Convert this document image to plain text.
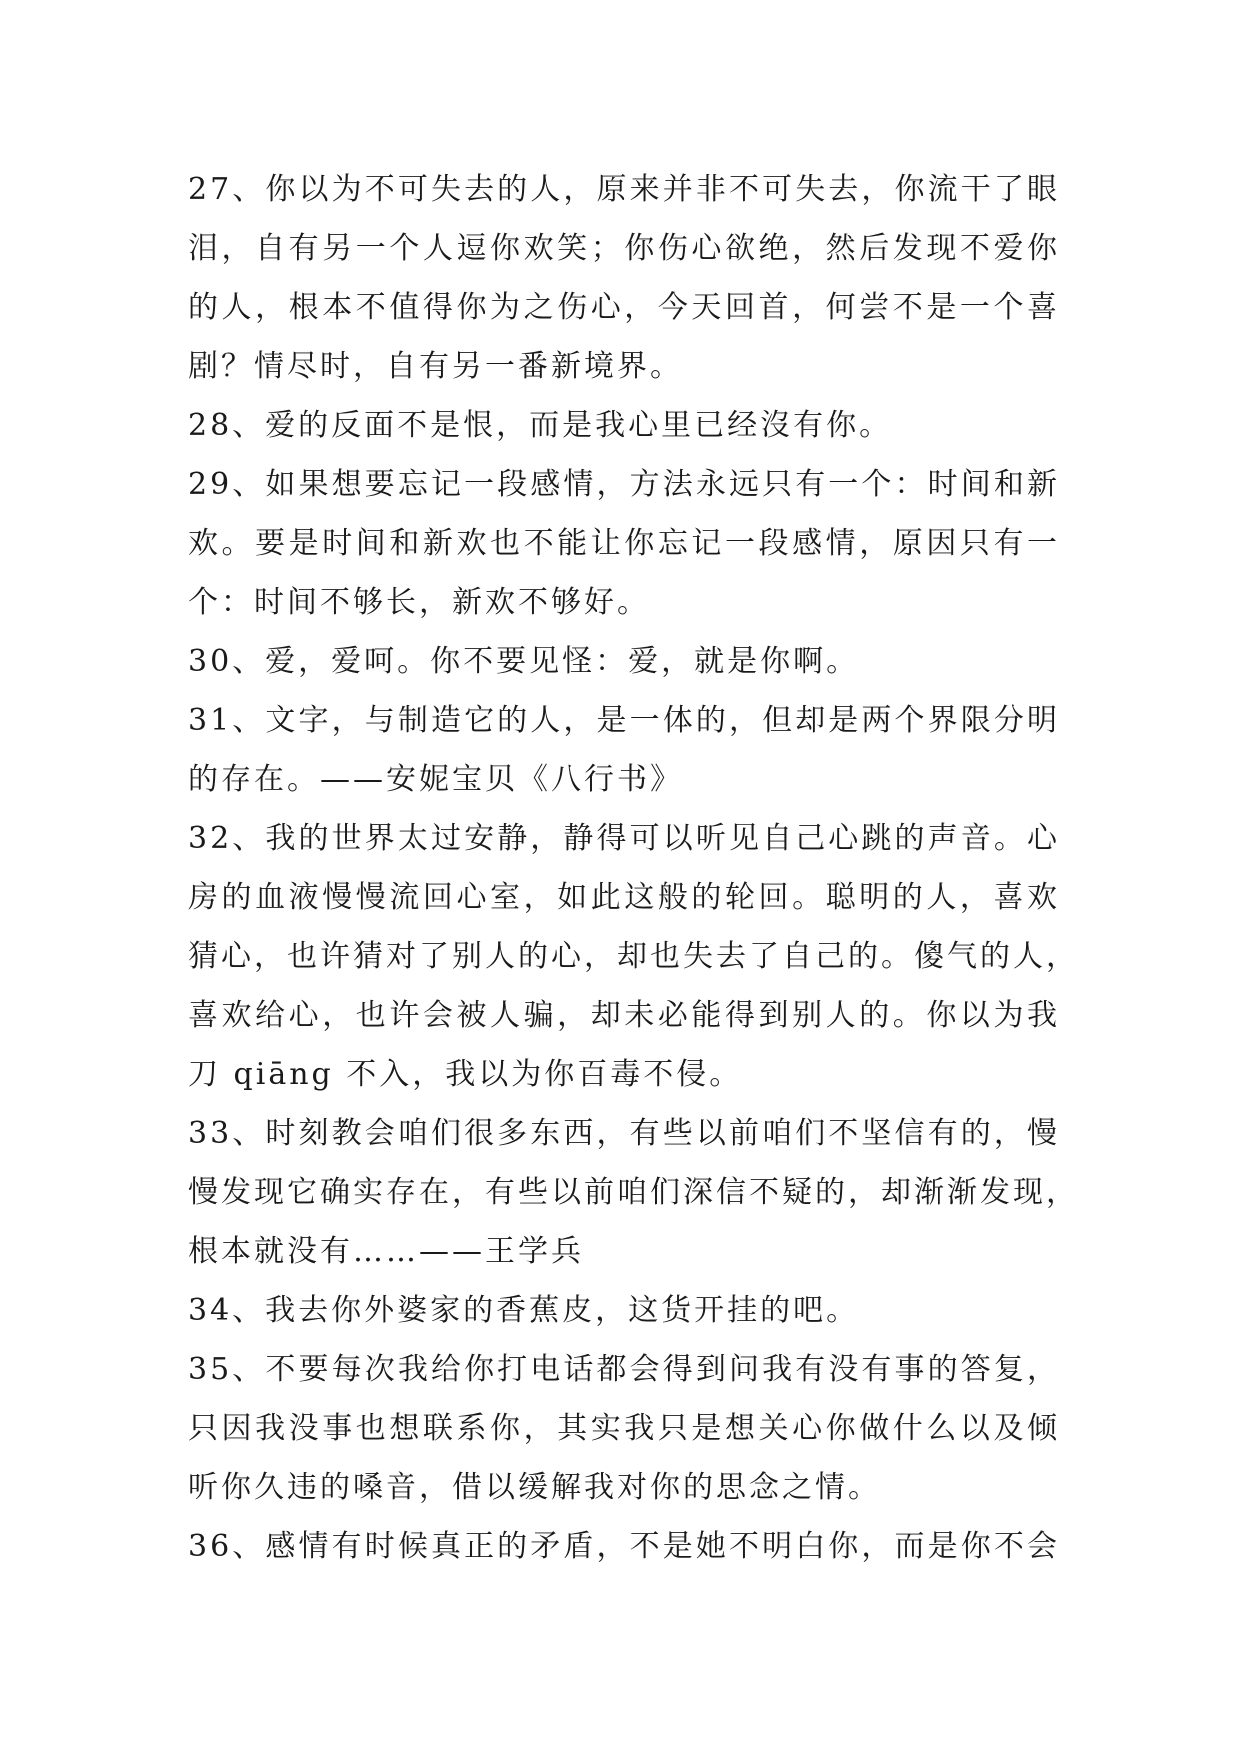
27、你以为不可失去的人，原来并非不可失去，你流干了眼
泪，自有另一个人逗你欢笑；你伤心欲绝，然后发现不爱你
的人，根本不值得你为之伤心，今天回首，何尝不是一个喜
剧？情尽时，自有另一番新境界。
28、爱的反面不是恨，而是我心里已经沒有你。
29、如果想要忘记一段感情，方法永远只有一个：时间和新
欢。要是时间和新欢也不能让你忘记一段感情，原因只有一
个：时间不够长，新欢不够好。
30、爱，爱呵。你不要见怪：爱，就是你啊。
31、文字，与制造它的人，是一体的，但却是两个界限分明
的存在。——安妮宝贝《八行书》
32、我的世界太过安静，静得可以听见自己心跳的声音。心
房的血液慢慢流回心室，如此这般的轮回。聪明的人，喜欢
猜心，也许猜对了别人的心，却也失去了自己的。傻气的人，
喜欢给心，也许会被人骗，却未必能得到别人的。你以为我
刀 qiāng 不入，我以为你百毒不侵。
33、时刻教会咱们很多东西，有些以前咱们不坚信有的，慢
慢发现它确实存在，有些以前咱们深信不疑的，却渐渐发现，
根本就没有……——王学兵
34、我去你外婆家的香蕉皮，这货开挂的吧。
35、不要每次我给你打电话都会得到问我有没有事的答复，
只因我没事也想联系你，其实我只是想关心你做什么以及倾
听你久违的嗓音，借以缓解我对你的思念之情。
36、感情有时候真正的矛盾，不是她不明白你，而是你不会
